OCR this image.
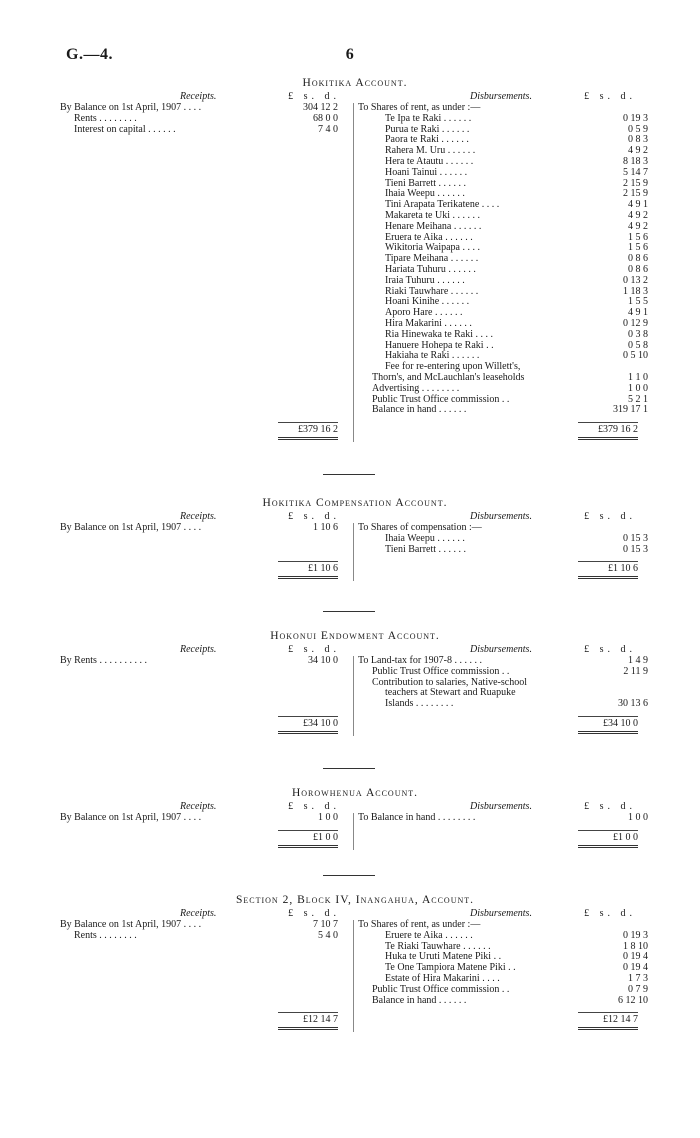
G.—4.	6
Hokitika Account.
Receipts.	£ s. d.	Disbursements.	£ s. d.
By Balance on 1st April, 1907 . . . .	304 12 2
Rents . . . . . . . .	68 0 0
Interest on capital . . . . . .	7 4 0
To Shares of rent, as under :—
Te Ipa te Raki . . . . . .	0 19 3
Purua te Raki . . . . . .	0 5 9
Paora te Raki . . . . . .	0 8 3
Rahera M. Uru . . . . . .	4 9 2
Hera te Atautu . . . . . .	8 18 3
Hoani Tainui . . . . . .	5 14 7
Tieni Barrett . . . . . .	2 15 9
Ihaia Weepu . . . . . .	2 15 9
Tini Arapata Terikatene . . . .	4 9 1
Makareta te Uki . . . . . .	4 9 2
Henare Meihana . . . . . .	4 9 2
Eruera te Aika . . . . . .	1 5 6
Wikitoria Waipapa . . . .	1 5 6
Tipare Meihana . . . . . .	0 8 6
Hariata Tuhuru . . . . . .	0 8 6
Iraia Tuhuru . . . . . .	0 13 2
Riaki Tauwhare . . . . . .	1 18 3
Hoani Kinihe . . . . . .	1 5 5
Aporo Hare . . . . . .	4 9 1
Hira Makarini . . . . . .	0 12 9
Ria Hinewaka te Raki . . . .	0 3 8
Hanuere Hohepa te Raki . .	0 5 8
Hakiaha te Raki . . . . . .	0 5 10
Fee for re-entering upon Willett's,
Thorn's, and McLauchlan's leaseholds	1 1 0
Advertising . . . . . . . .	1 0 0
Public Trust Office commission . .	5 2 1
Balance in hand . . . . . .	319 17 1
£379 16 2	£379 16 2
Hokitika Compensation Account.
Receipts.	£ s. d.	Disbursements.	£ s. d.
By Balance on 1st April, 1907 . . . .	1 10 6 To Shares of compensation :—
Ihaia Weepu . . . . . .	0 15 3
Tieni Barrett . . . . . .	0 15 3
£1 10 6	£1 10 6
Hokonui Endowment Account.
Receipts.	£ s. d.	Disbursements.	£ s. d.
By Rents . . . . . . . . . .	34 10 0 To Land-tax for 1907-8 . . . . . .	1 4 9
Public Trust Office commission . .	2 11 9
Contribution to salaries, Native-school
teachers at Stewart and Ruapuke
Islands . . . . . . . .	30 13 6
£34 10 0	£34 10 0
Horowhenua Account.
Receipts.	£ s. d.	Disbursements.	£ s. d.
By Balance on 1st April, 1907 . . . .	1 0 0 To Balance in hand . . . . . . . .	1 0 0
£1 0 0	£1 0 0
Section 2, Block IV, Inangahua, Account.
Receipts.	£ s. d.	Disbursements.	£ s. d.
By Balance on 1st April, 1907 . . . .	7 10 7
Rents . . . . . . . .	5 4 0
To Shares of rent, as under :—
Eruere te Aika . . . . . .	0 19 3
Te Riaki Tauwhare . . . . . .	1 8 10
Huka te Uruti Matene Piki . .	0 19 4
Te One Tampiora Matene Piki . .	0 19 4
Estate of Hira Makarini . . . .	1 7 3
Public Trust Office commission . .	0 7 9
Balance in hand . . . . . .	6 12 10
£12 14 7	£12 14 7
